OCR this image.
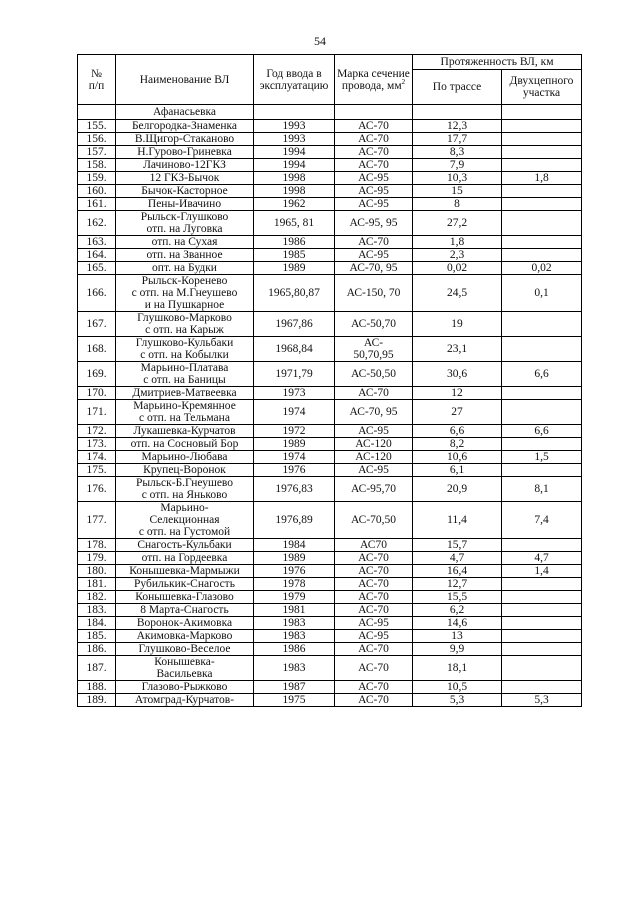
54
№
п/п	Наименование ВЛ	Год ввода в эксплуатацию	Марка сечение провода, $мм^2$	Протяженность ВЛ, км	
				По трассе	Двухцепного участка
	Афанасьевка				
155.	Белгородка-Знаменка	1993	АС-70	12,3	
156.	В.Щигор-Стаканово	1993	АС-70	17,7	
157.	Н.Гурово-Гриневка	1994	АС-70	8,3	
158.	Лачиново-12ГКЗ	1994	АС-70	7,9	
159.	12 ГКЗ-Бычок	1998	АС-95	10,3	1,8
160.	Бычок-Касторное	1998	АС-95	15	
161.	Пены-Ивачино	1962	АС-95	8	
162.	Рыльск-Глушково
отп. на Луговка	1965, 81	АС-95, 95	27,2	
163.	отп. на Сухая	1986	АС-70	1,8	
164.	отп. на Званное	1985	АС-95	2,3	
165.	опт. на Будки	1989	АС-70, 95	0,02	0,02
166.	Рыльск-Коренево
с отп. на М.Гнеушево
и на Пушкарное	1965,80,87	АС-150, 70	24,5	0,1
167.	Глушково-Марково
с отп. на Карыж	1967,86	АС-50,70	19	
168.	Глушково-Кульбаки
с отп. на Кобылки	1968,84	АС-
50,70,95	23,1	
169.	Марьино-Платава
с отп. на Баницы	1971,79	АС-50,50	30,6	6,6
170.	Дмитриев-Матвеевка	1973	АС-70	12	
171.	Марьино-Кремянное
с отп. на Тельмана	1974	АС-70, 95	27	
172.	Лукашевка-Курчатов	1972	АС-95	6,6	6,6
173.	отп. на Сосновый Бор	1989	АС-120	8,2	
174.	Марьино-Любава	1974	АС-120	10,6	1,5
175.	Крупец-Воронок	1976	АС-95	6,1	
176.	Рыльск-Б.Гнеушево
с отп. на Яньково	1976,83	АС-95,70	20,9	8,1
177.	Марьино-
Селекционная
с отп. на Густомой	1976,89	АС-70,50	11,4	7,4
178.	Снагость-Кульбаки	1984	АС70	15,7	
179.	отп. на Гордеевка	1989	АС-70	4,7	4,7
180.	Конышевка-Мармыжи	1976	АС-70	16,4	1,4
181.	Рубилькик-Снагость	1978	АС-70	12,7	
182.	Конышевка-Глазово	1979	АС-70	15,5	
183.	8 Марта-Снагость	1981	АС-70	6,2	
184.	Воронок-Акимовка	1983	АС-95	14,6	
185.	Акимовка-Марково	1983	АС-95	13	
186.	Глушково-Веселое	1986	АС-70	9,9	
187.	Конышевка-
Васильевка	1983	АС-70	18,1	
188.	Глазово-Рыжково	1987	АС-70	10,5	
189.	Атомград-Курчатов-	1975	АС-70	5,3	5,3
